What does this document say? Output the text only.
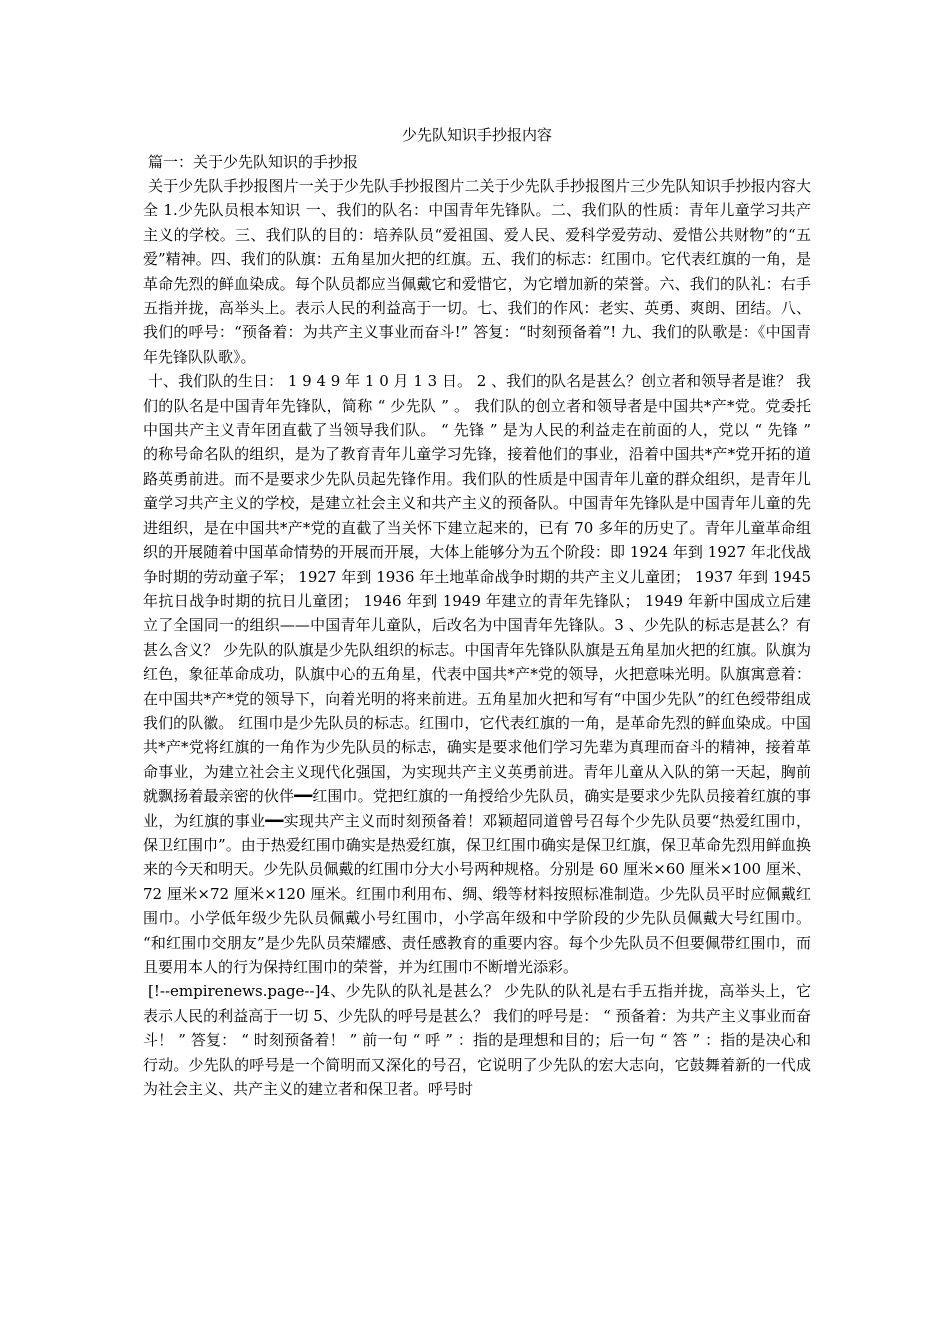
少先队知识手抄报内容
篇一：关于少先队知识的手抄报

关于少先队手抄报图片一关于少先队手抄报图片二关于少先队手抄报图片三少先队知识手抄报内容大全 1.少先队员根本知识 一、我们的队名：中国青年先锋队。二、我们队的性质：青年儿童学习共产主义的学校。三、我们队的目的：培养队员“爱祖国、爱人民、爱科学爱劳动、爱惜公共财物”的“五爱”精神。四、我们的队旗：五角星加火把的红旗。五、我们的标志：红围巾。它代表红旗的一角，是革命先烈的鲜血染成。每个队员都应当佩戴它和爱惜它，为它增加新的荣誉。六、我们的队礼：右手五指并拢，高举头上。表示人民的利益高于一切。七、我们的作风：老实、英勇、爽朗、团结。八、我们的呼号：“预备着：为共产主义事业而奋斗!” 答复：“时刻预备着”! 九、我们的队歌是：《中国青年先锋队队歌》。

十、我们队的生日： 1 9 4 9 年 1 0 月 1 3 日。 2 、我们的队名是甚么？创立者和领导者是谁？ 我们的队名是中国青年先锋队，简称 “ 少先队 ” 。 我们队的创立者和领导者是中国共*产*党。党委托中国共产主义青年团直截了当领导我们队。 “ 先锋 ” 是为人民的利益走在前面的人，党以 “ 先锋 ” 的称号命名队的组织，是为了教育青年儿童学习先锋，接着他们的事业，沿着中国共*产*党开拓的道路英勇前进。而不是要求少先队员起先锋作用。我们队的性质是中国青年儿童的群众组织，是青年儿童学习共产主义的学校，是建立社会主义和共产主义的预备队。中国青年先锋队是中国青年儿童的先进组织，是在中国共*产*党的直截了当关怀下建立起来的，已有 70 多年的历史了。青年儿童革命组织的开展随着中国革命情势的开展而开展，大体上能够分为五个阶段：即 1924 年到 1927 年北伐战争时期的劳动童子军； 1927 年到 1936 年土地革命战争时期的共产主义儿童团； 1937 年到 1945 年抗日战争时期的抗日儿童团； 1946 年到 1949 年建立的青年先锋队； 1949 年新中国成立后建立了全国同一的组织——中国青年儿童队，后改名为中国青年先锋队。3 、少先队的标志是甚么？有甚么含义？ 少先队的队旗是少先队组织的标志。中国青年先锋队队旗是五角星加火把的红旗。队旗为红色，象征革命成功，队旗中心的五角星，代表中国共*产*党的领导，火把意味光明。队旗寓意着：在中国共*产*党的领导下，向着光明的将来前进。五角星加火把和写有“中国少先队”的红色绶带组成我们的队徽。 红围巾是少先队员的标志。红围巾，它代表红旗的一角，是革命先烈的鲜血染成。中国共*产*党将红旗的一角作为少先队员的标志，确实是要求他们学习先辈为真理而奋斗的精神，接着革命事业，为建立社会主义现代化强国，为实现共产主义英勇前进。青年儿童从入队的第一天起，胸前就飘扬着最亲密的伙伴━━红围巾。党把红旗的一角授给少先队员，确实是要求少先队员接着红旗的事业，为红旗的事业━━实现共产主义而时刻预备着！邓颖超同道曾号召每个少先队员要“热爱红围巾，保卫红围巾”。由于热爱红围巾确实是热爱红旗，保卫红围巾确实是保卫红旗，保卫革命先烈用鲜血换来的今天和明天。少先队员佩戴的红围巾分大小号两种规格。分别是 60 厘米×60 厘米×100 厘米、72 厘米×72 厘米×120 厘米。红围巾利用布、绸、缎等材料按照标准制造。少先队员平时应佩戴红围巾。小学低年级少先队员佩戴小号红围巾，小学高年级和中学阶段的少先队员佩戴大号红围巾。 “和红围巾交朋友”是少先队员荣耀感、责任感教育的重要内容。每个少先队员不但要佩带红围巾，而且要用本人的行为保持红围巾的荣誉，并为红围巾不断增光添彩。

[!--empirenews.page--]4、少先队的队礼是甚么？ 少先队的队礼是右手五指并拢，高举头上，它表示人民的利益高于一切 5、少先队的呼号是甚么？ 我们的呼号是： “ 预备着：为共产主义事业而奋斗！ ” 答复： “ 时刻预备着！ ” 前一句 “ 呼 ” ：指的是理想和目的；后一句 “ 答 ” ：指的是决心和行动。少先队的呼号是一个简明而又深化的号召，它说明了少先队的宏大志向，它鼓舞着新的一代成为社会主义、共产主义的建立者和保卫者。呼号时
